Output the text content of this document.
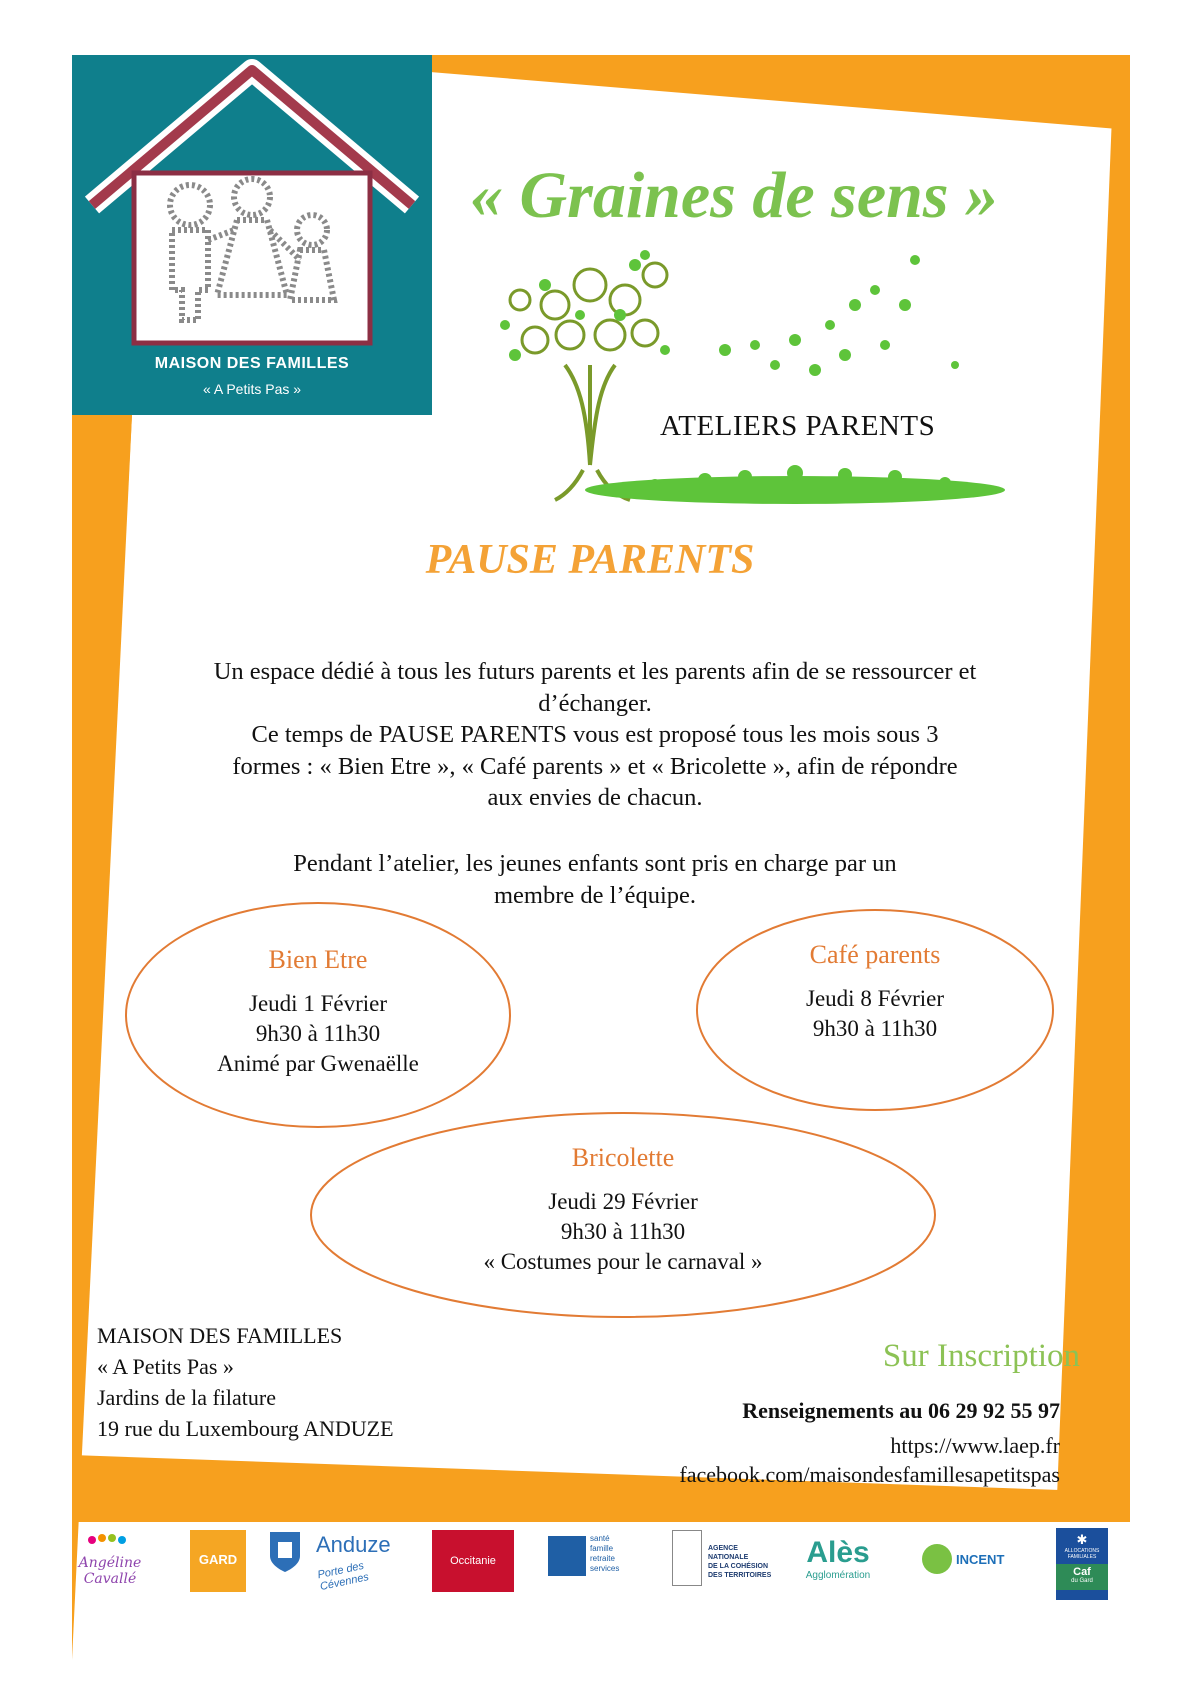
MAISON DES FAMILLES
« A Petits Pas »
« Graines de sens »
ATELIERS PARENTS
PAUSE PARENTS
Un espace dédié à tous les futurs parents et les parents afin de se ressourcer et
d’échanger.
Ce temps de PAUSE PARENTS vous est proposé tous les mois sous 3
formes : « Bien Etre », « Café parents » et « Bricolette », afin de répondre
aux envies de chacun.
Pendant l’atelier, les jeunes enfants sont pris en charge par un
membre de l’équipe.
Bien Etre
Jeudi 1 Février
9h30 à 11h30
Animé par Gwenaëlle
Café parents
Jeudi 8 Février
9h30 à 11h30
Bricolette
Jeudi 29 Février
9h30 à 11h30
« Costumes pour le carnaval »
MAISON DES FAMILLES
« A Petits Pas »
Jardins de la filature
19 rue du Luxembourg ANDUZE
Sur Inscription
Renseignements au 06 29 92 55 97
https://www.laep.fr
facebook.com/maisondesfamillesapetitspas
Angéline
Cavallé
GARD
Anduze
Porte des Cévennes
Occitanie
santé
famille
retraite
services
AGENCE
NATIONALE
DE LA COHÉSION
DES TERRITOIRES
Alès
Agglomération
INCENT
✱
ALLOCATIONS
FAMILIALES
Caf
du Gard
